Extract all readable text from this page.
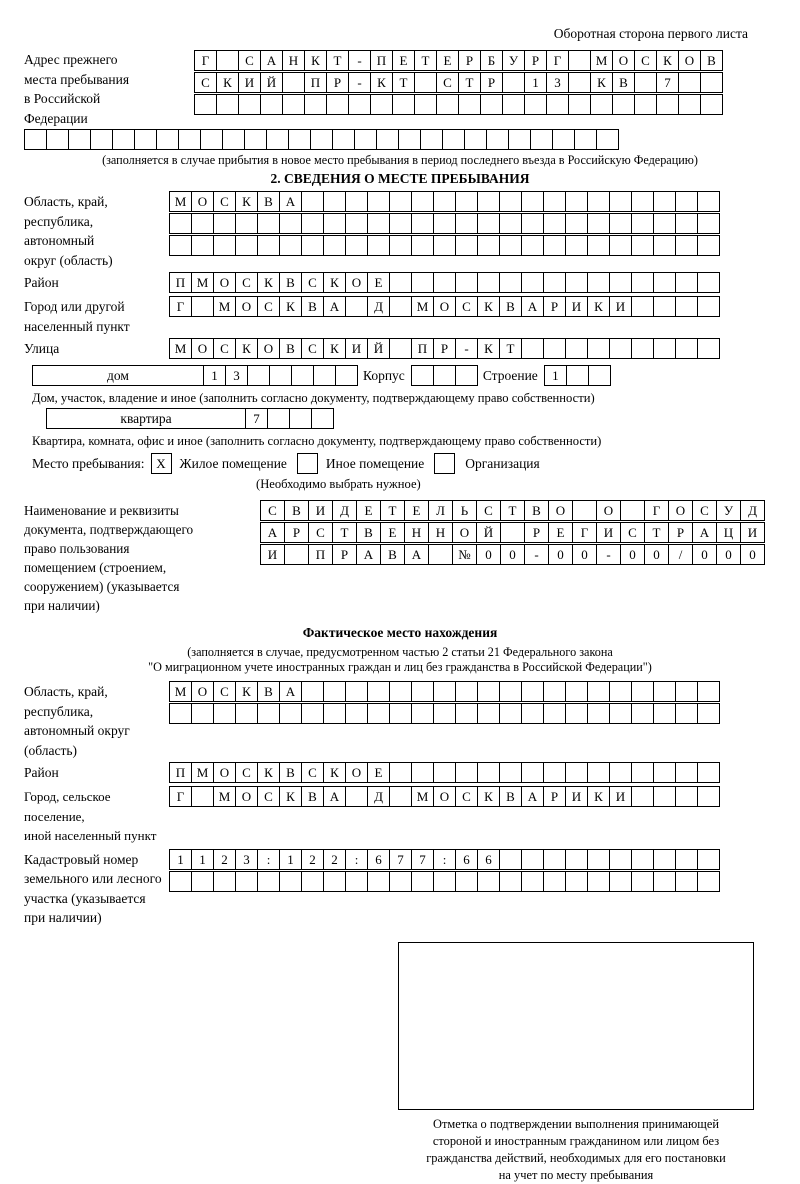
Оборотная сторона первого листа
Адрес прежнего
места пребывания
в Российской
Федерации
Г	С А Н К	Т	-	П	Е	Т	Е	Р	Б	У	Р	Г	М О С	К О В
С	К И Й	П	Р	-	К	Т	С	Т	Р	1	3	К	В	7
(заполняется в случае прибытия в новое место пребывания в период последнего въезда в Российскую Федерацию)
2. СВЕДЕНИЯ О МЕСТЕ ПРЕБЫВАНИЯ
Область, край,
республика,
автономный
округ (область)
М О С	К	В А
Район	П М О С	К	В	С	К О	Е
Город или другой
населенный пункт
Г	М О С	К	В А	Д	М О С	К	В А	Р	И К И
Улица	М О С	К О В	С	К И Й	П	Р	-	К	Т
дом	1	3	Корпус	Строение	1
Дом, участок, владение и иное (заполнить согласно документу, подтверждающему право собственности)
квартира	7
Квартира, комната, офис и иное (заполнить согласно документу, подтверждающему право собственности)
Место пребывания: X	Жилое помещение	Иное помещение	Организация
(Необходимо выбрать нужное)
Наименование и реквизиты
документа, подтверждающего
право пользования
помещением (строением,
сооружением) (указывается
при наличии)
С	В	И	Д	Е	Т	Е	Л	Ь	С	Т	В	О	О	Г	О	С	У	Д
А	Р	С	Т	В	Е	Н	Н	О	Й	Р	Е	Г	И	С	Т	Р	А	Ц	И
И	П	Р	А	В	А	№	0	0	-	0	0	-	0	0	/	0	0	0
Фактическое место нахождения
(заполняется в случае, предусмотренном частью 2 статьи 21 Федерального закона
"О миграционном учете иностранных граждан и лиц без гражданства в Российской Федерации")
Область, край,
республика,
автономный округ
(область)
М О С	К	В А
Район	П М О С	К	В	С	К О	Е
Город, сельское поселение,
иной населенный пункт
Г	М О С	К	В А	Д	М О С	К	В А	Р	И К И
Кадастровый номер
земельного или лесного
участка (указывается
при наличии)
1	1	2	3	:	1	2	2	:	6	7	7	:	6	6
Отметка о подтверждении выполнения принимающей
стороной и иностранным гражданином или лицом без
гражданства действий, необходимых для его постановки
на учет по месту пребывания
